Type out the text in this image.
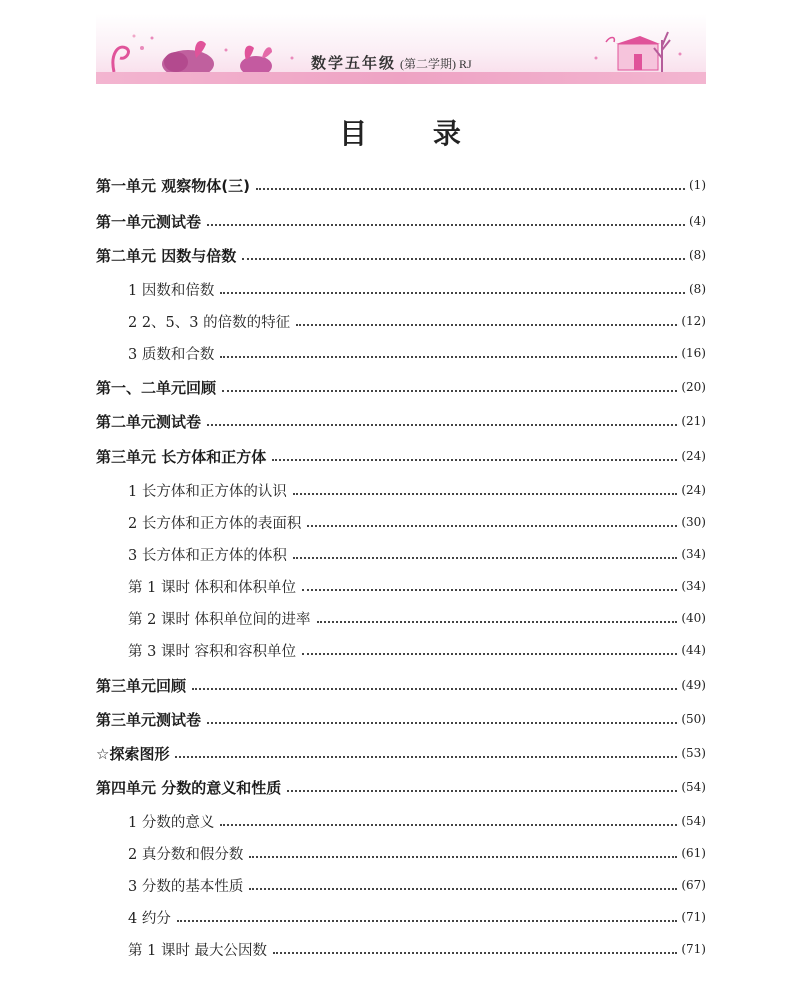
数学五年级 (第二学期) RJ
目 录
第一单元 观察物体(三)	(1)
第一单元测试卷	(4)
第二单元 因数与倍数	(8)
1 因数和倍数	(8)
2 2、5、3 的倍数的特征	(12)
3 质数和合数	(16)
第一、二单元回顾	(20)
第二单元测试卷	(21)
第三单元 长方体和正方体	(24)
1 长方体和正方体的认识	(24)
2 长方体和正方体的表面积	(30)
3 长方体和正方体的体积	(34)
第 1 课时 体积和体积单位	(34)
第 2 课时 体积单位间的进率	(40)
第 3 课时 容积和容积单位	(44)
第三单元回顾	(49)
第三单元测试卷	(50)
☆探索图形	(53)
第四单元 分数的意义和性质	(54)
1 分数的意义	(54)
2 真分数和假分数	(61)
3 分数的基本性质	(67)
4 约分	(71)
第 1 课时 最大公因数	(71)
